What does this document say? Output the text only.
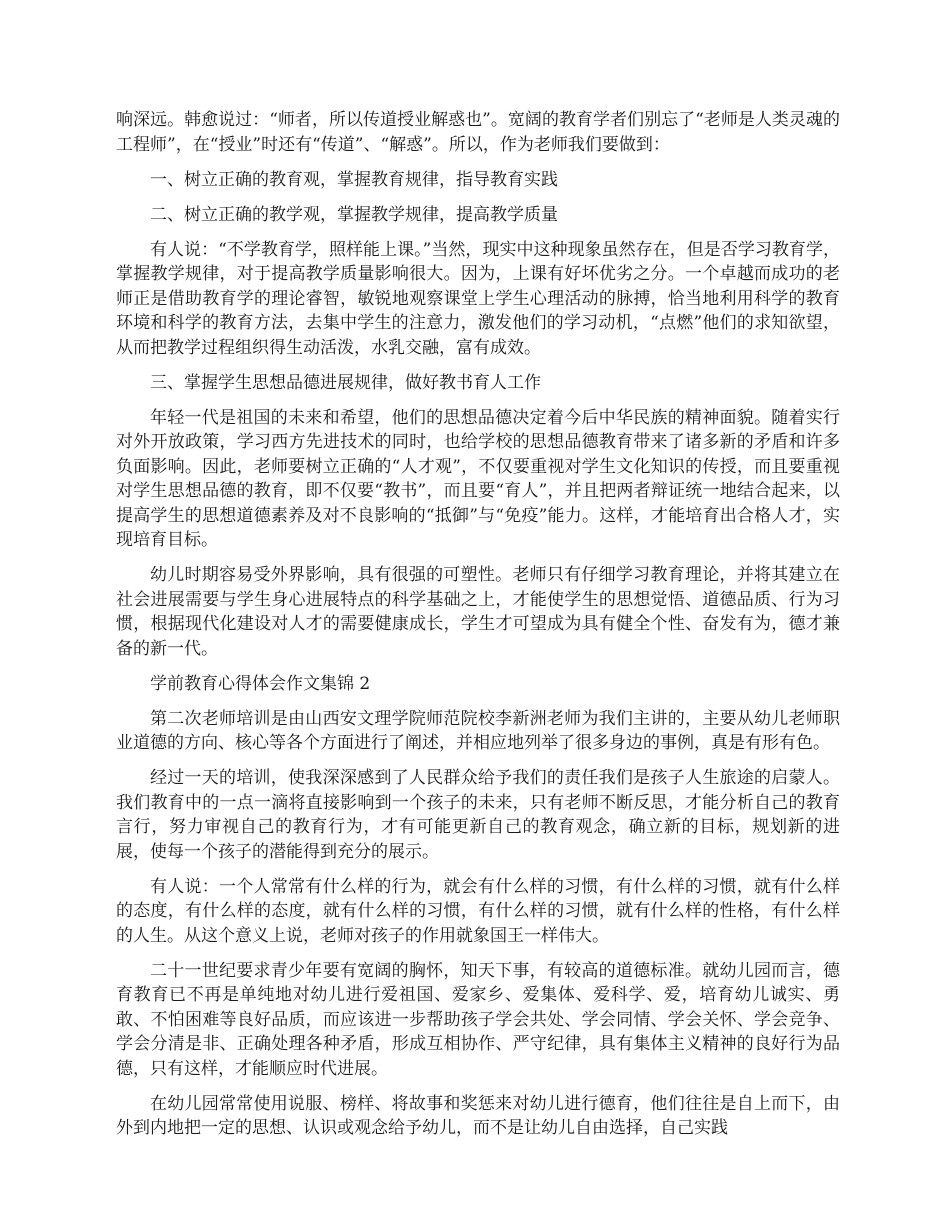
响深远。韩愈说过：“师者，所以传道授业解惑也”。宽阔的教育学者们别忘了“老师是人类灵魂的工程师”，在“授业”时还有“传道”、“解惑”。所以，作为老师我们要做到：

一、树立正确的教育观，掌握教育规律，指导教育实践

二、树立正确的教学观，掌握教学规律，提高教学质量

有人说：“不学教育学，照样能上课。”当然，现实中这种现象虽然存在，但是否学习教育学，掌握教学规律，对于提高教学质量影响很大。因为，上课有好坏优劣之分。一个卓越而成功的老师正是借助教育学的理论睿智，敏锐地观察课堂上学生心理活动的脉搏，恰当地利用科学的教育环境和科学的教育方法，去集中学生的注意力，激发他们的学习动机，“点燃”他们的求知欲望，从而把教学过程组织得生动活泼，水乳交融，富有成效。

三、掌握学生思想品德进展规律，做好教书育人工作

年轻一代是祖国的未来和希望，他们的思想品德决定着今后中华民族的精神面貌。随着实行对外开放政策，学习西方先进技术的同时，也给学校的思想品德教育带来了诸多新的矛盾和许多负面影响。因此，老师要树立正确的“人才观”，不仅要重视对学生文化知识的传授，而且要重视对学生思想品德的教育，即不仅要“教书”，而且要“育人”，并且把两者辩证统一地结合起来，以提高学生的思想道德素养及对不良影响的“抵御”与“免疫”能力。这样，才能培育出合格人才，实现培育目标。

幼儿时期容易受外界影响，具有很强的可塑性。老师只有仔细学习教育理论，并将其建立在社会进展需要与学生身心进展特点的科学基础之上，才能使学生的思想觉悟、道德品质、行为习惯，根据现代化建设对人才的需要健康成长，学生才可望成为具有健全个性、奋发有为，德才兼备的新一代。

学前教育心得体会作文集锦 2

第二次老师培训是由山西安文理学院师范院校李新洲老师为我们主讲的，主要从幼儿老师职业道德的方向、核心等各个方面进行了阐述，并相应地列举了很多身边的事例，真是有形有色。

经过一天的培训，使我深深感到了人民群众给予我们的责任我们是孩子人生旅途的启蒙人。我们教育中的一点一滴将直接影响到一个孩子的未来，只有老师不断反思，才能分析自己的教育言行，努力审视自己的教育行为，才有可能更新自己的教育观念，确立新的目标，规划新的进展，使每一个孩子的潜能得到充分的展示。

有人说：一个人常常有什么样的行为，就会有什么样的习惯，有什么样的习惯，就有什么样的态度，有什么样的态度，就有什么样的习惯，有什么样的习惯，就有什么样的性格，有什么样的人生。从这个意义上说，老师对孩子的作用就象国王一样伟大。

二十一世纪要求青少年要有宽阔的胸怀，知天下事，有较高的道德标准。就幼儿园而言，德育教育已不再是单纯地对幼儿进行爱祖国、爱家乡、爱集体、爱科学、爱，培育幼儿诚实、勇敢、不怕困难等良好品质，而应该进一步帮助孩子学会共处、学会同情、学会关怀、学会竞争、学会分清是非、正确处理各种矛盾，形成互相协作、严守纪律，具有集体主义精神的良好行为品德，只有这样，才能顺应时代进展。

在幼儿园常常使用说服、榜样、将故事和奖惩来对幼儿进行德育，他们往往是自上而下，由外到内地把一定的思想、认识或观念给予幼儿，而不是让幼儿自由选择，自己实践
